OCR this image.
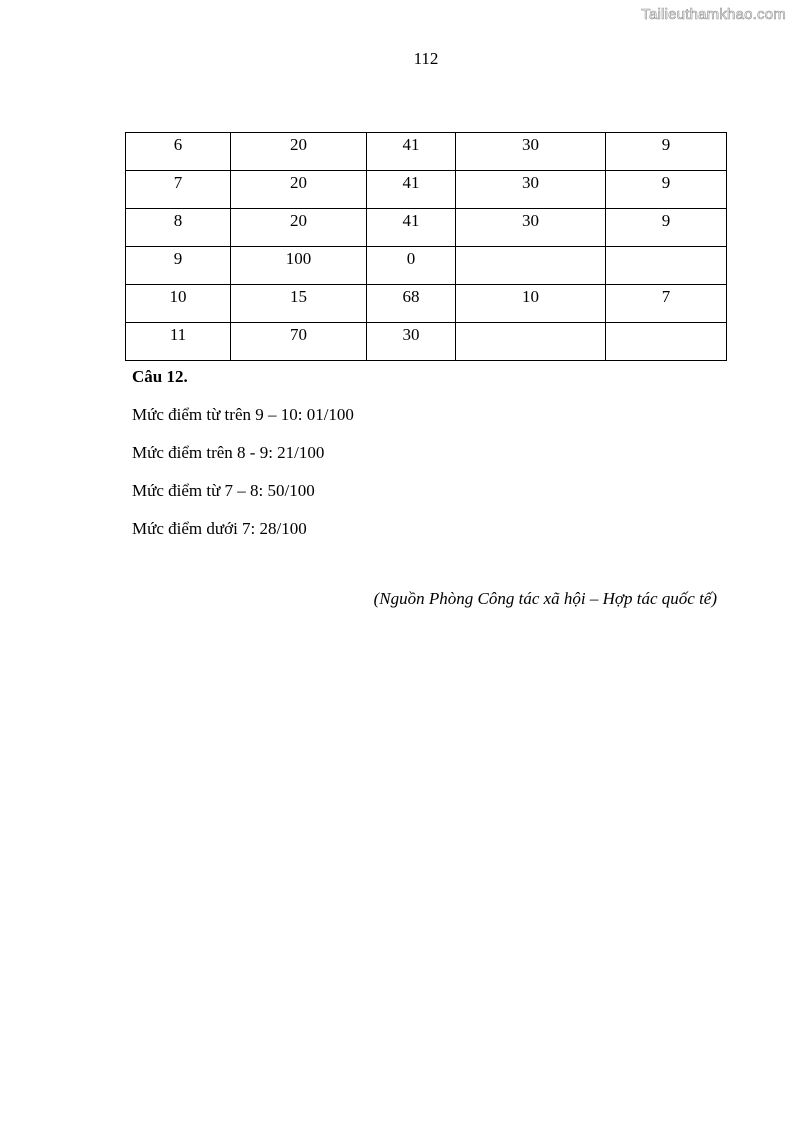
Tailieuthamkhao.com
112
6	20	41	30	9
7	20	41	30	9
8	20	41	30	9
9	100	0		
10	15	68	10	7
11	70	30		
Câu 12.
Mức điểm từ trên 9 – 10: 01/100
Mức điểm trên 8 - 9: 21/100
Mức điểm từ 7 – 8: 50/100
Mức điểm dưới 7: 28/100
(Nguồn Phòng Công tác xã hội – Hợp tác quốc tế)
